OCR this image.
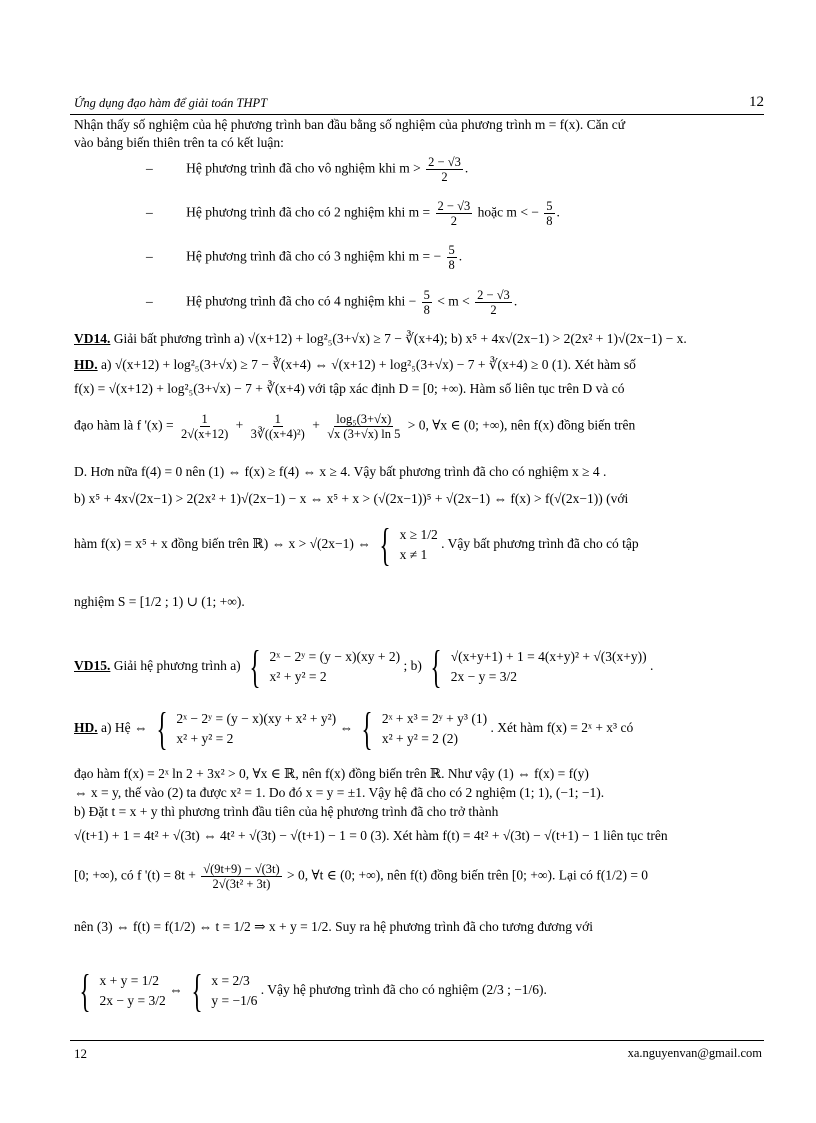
Ứng dụng đạo hàm để giải toán THPT	12
Nhận thấy số nghiệm của hệ phương trình ban đầu bằng số nghiệm của phương trình m = f(x). Căn cứ
vào bảng biến thiên trên ta có kết luận:
– Hệ phương trình đã cho vô nghiệm khi $m > \frac{2 - √3}{2}$ .
– Hệ phương trình đã cho có 2 nghiệm khi $m = \frac{2 - √3}{2}$ hoặc m < − $\frac{5}{8}$ .
– Hệ phương trình đã cho có 3 nghiệm khi m = − $\frac{5}{8}$ .
– Hệ phương trình đã cho có 4 nghiệm khi − $\frac{5}{8} < m < \frac{2 - √3}{2}$ .
VD14. Giải bất phương trình a) √(x+12) + log²₅(3+√x) ≥ 7 − ∛(x+4); b) x⁵ + 4x√(2x−1) > 2(2x² + 1)√(2x−1) − x.
HD. a) √(x+12) + log²₅(3+√x) ≥ 7 − ∛(x+4) ⇔ √(x+12) + log²₅(3+√x) − 7 + ∛(x+4) ≥ 0 (1). Xét hàm số
f(x) = √(x+12) + log²₅(3+√x) − 7 + ∛(x+4) với tập xác định D = [0; +∞). Hàm số liên tục trên D và có
đạo hàm là f '$(x) = \frac{1}{2√(x+12)} + \frac{1}{\text{3∛((x+4)²)}} + \frac{\text{log₅(3+√x)}}{√x (3+√x) \ln 5} > 0$, ∀x ∈ (0; +∞), nên f(x) đồng biến trên
D. Hơn nữa f(4) = 0 nên (1) ⇔ f(x) ≥ f(4) ⇔ x ≥ 4. Vậy bất phương trình đã cho có nghiệm x ≥ 4 .
b) x⁵ + 4x√(2x−1) > 2(2x² + 1)√(2x−1) − x ⇔ x⁵ + x > (√(2x−1))⁵ + √(2x−1) ⇔ f(x) > f(√(2x−1)) (với
hàm f(x) = x⁵ + x đồng biến trên ℝ) ⇔ x > √(2x−1) ⇔ { x ≥ 1/2
x ≠ 1
. Vậy bất phương trình đã cho có tập
nghiệm S = [1/2 ; 1) ∪ (1; +∞).
VD15. Giải hệ phương trình a) { 2ˣ − 2ʸ = (y − x)(xy + 2)
x² + y² = 2
; b) { √(x+y+1) + 1 = 4(x+y)² + √(3(x+y))
2x − y = 3/2
.
HD. a) Hệ ⇔ { 2ˣ − 2ʸ = (y − x)(xy + x² + y²)
x² + y² = 2
⇔ { 2ˣ + x³ = 2ʸ + y³ (1)
x² + y² = 2 (2)
. Xét hàm f(x) = 2ˣ + x³ có
đạo hàm f(x) = 2ˣ ln 2 + 3x² > 0, ∀x ∈ ℝ, nên f(x) đồng biến trên ℝ. Như vậy (1) ⇔ f(x) = f(y)
⇔ x = y, thế vào (2) ta được x² = 1. Do đó x = y = ±1. Vậy hệ đã cho có 2 nghiệm (1; 1), (−1; −1).
b) Đặt t = x + y thì phương trình đầu tiên của hệ phương trình đã cho trở thành
√(t+1) + 1 = 4t² + √(3t) ⇔ 4t² + √(3t) − √(t+1) − 1 = 0 (3). Xét hàm f(t) = 4t² + √(3t) − √(t+1) − 1 liên tục trên
[0; +∞), có f '$(t) = 8t + \frac{√(9t+9) - √(3t)}{\text{2√(3t² + 3t)}} > 0$, ∀t ∈ (0; +∞), nên f(t) đồng biến trên [0; +∞). Lại có f(1/2) = 0
nên (3) ⇔ f(t) = f(1/2) ⇔ t = 1/2 ⇒ x + y = 1/2. Suy ra hệ phương trình đã cho tương đương với
{ x + y = 1/2
2x − y = 3/2
⇔ { x = 2/3
y = −1/6
. Vậy hệ phương trình đã cho có nghiệm (2/3 ; −1/6).
12	xa.nguyenvan@gmail.com
